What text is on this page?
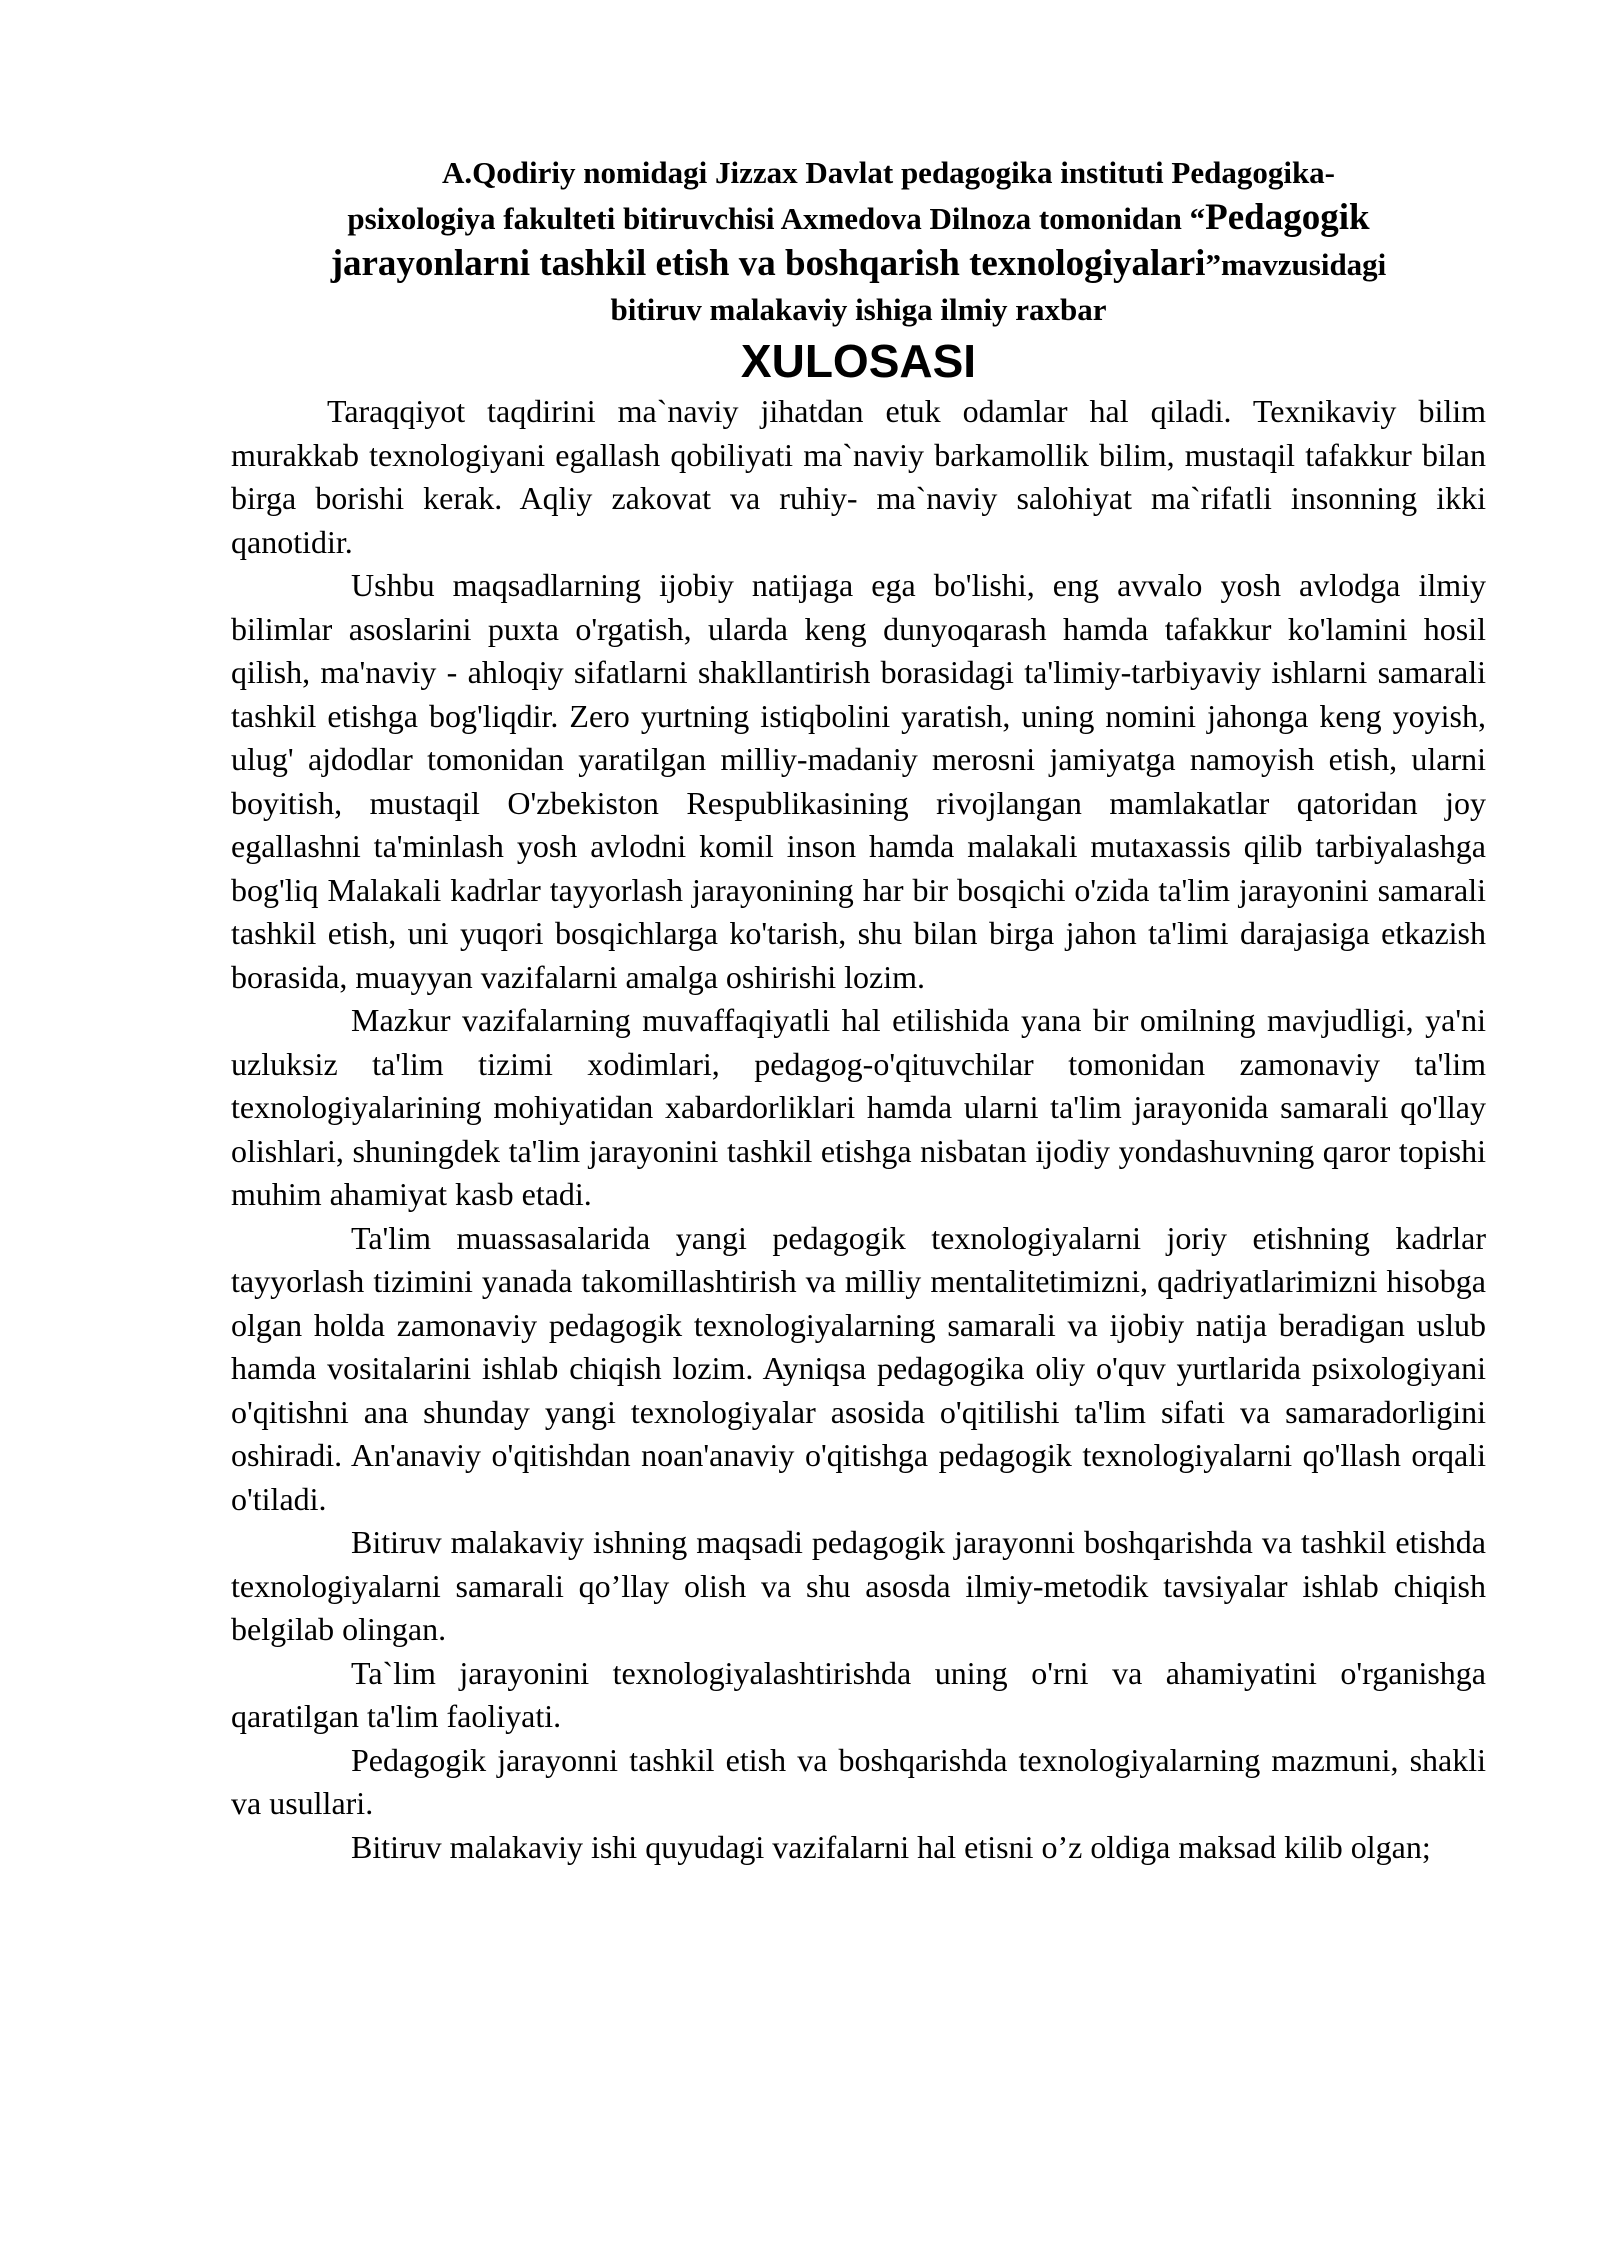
A.Qodiriy nomidagi Jizzax Davlat pedagogika instituti Pedagogika-
psixologiya fakulteti bitiruvchisi Axmedova Dilnoza tomonidan “Pedagogik
jarayonlarni tashkil etish va boshqarish texnologiyalari”mavzusidagi
bitiruv malakaviy ishiga ilmiy raxbar
XULOSASI

Taraqqiyot taqdirini ma`naviy jihatdan etuk odamlar hal qiladi. Texnikaviy bilim murakkab texnologiyani egallash qobiliyati ma`naviy barkamollik bilim, mustaqil tafakkur bilan birga borishi kerak. Aqliy zakovat va ruhiy- ma`naviy salohiyat ma`rifatli insonning ikki qanotidir.

Ushbu maqsadlarning ijobiy natijaga ega bo'lishi, eng avvalo yosh avlodga ilmiy bilimlar asoslarini puxta o'rgatish, ularda keng dunyoqarash hamda tafakkur ko'lamini hosil qilish, ma'naviy - ahloqiy sifatlarni shakllantirish borasidagi ta'limiy-tarbiyaviy ishlarni samarali tashkil etishga bog'liqdir. Zero yurtning istiqbolini yaratish, uning nomini jahonga keng yoyish, ulug' ajdodlar tomonidan yaratilgan milliy-madaniy merosni jamiyatga namoyish etish, ularni boyitish, mustaqil O'zbekiston Respublikasining rivojlangan mamlakatlar qatoridan joy egallashni ta'minlash yosh avlodni komil inson hamda malakali mutaxassis qilib tarbiyalashga bog'liq Malakali kadrlar tayyorlash jarayonining har bir bosqichi o'zida ta'lim jarayonini samarali tashkil etish, uni yuqori bosqichlarga ko'tarish, shu bilan birga jahon ta'limi darajasiga etkazish borasida, muayyan vazifalarni amalga oshirishi lozim.

Mazkur vazifalarning muvaffaqiyatli hal etilishida yana bir omilning mavjudligi, ya'ni uzluksiz ta'lim tizimi xodimlari, pedagog-o'qituvchilar tomonidan zamonaviy ta'lim texnologiyalarining mohiyatidan xabardorliklari hamda ularni ta'lim jarayonida samarali qo'llay olishlari, shuningdek ta'lim jarayonini tashkil etishga nisbatan ijodiy yondashuvning qaror topishi muhim ahamiyat kasb etadi.

Ta'lim muassasalarida yangi pedagogik texnologiyalarni joriy etishning kadrlar tayyorlash tizimini yanada takomillashtirish va milliy mentalitetimizni, qadriyatlarimizni hisobga olgan holda zamonaviy pedagogik texnologiyalarning samarali va ijobiy natija beradigan uslub hamda vositalarini ishlab chiqish lozim. Ayniqsa pedagogika oliy o'quv yurtlarida psixologiyani o'qitishni ana shunday yangi texnologiyalar asosida o'qitilishi ta'lim sifati va samaradorligini oshiradi. An'anaviy o'qitishdan noan'anaviy o'qitishga pedagogik texnologiyalarni qo'llash orqali o'tiladi.

Bitiruv malakaviy ishning maqsadi pedagogik jarayonni boshqarishda va tashkil etishda texnologiyalarni samarali qo’llay olish va shu asosda ilmiy-metodik tavsiyalar ishlab chiqish belgilab olingan.

Ta`lim jarayonini texnologiyalashtirishda uning o'rni va ahamiyatini o'rganishga qaratilgan ta'lim faoliyati.

Pedagogik jarayonni tashkil etish va boshqarishda texnologiyalarning mazmuni, shakli va usullari.

Bitiruv malakaviy ishi quyudagi vazifalarni hal etisni o’z oldiga maksad kilib olgan;
